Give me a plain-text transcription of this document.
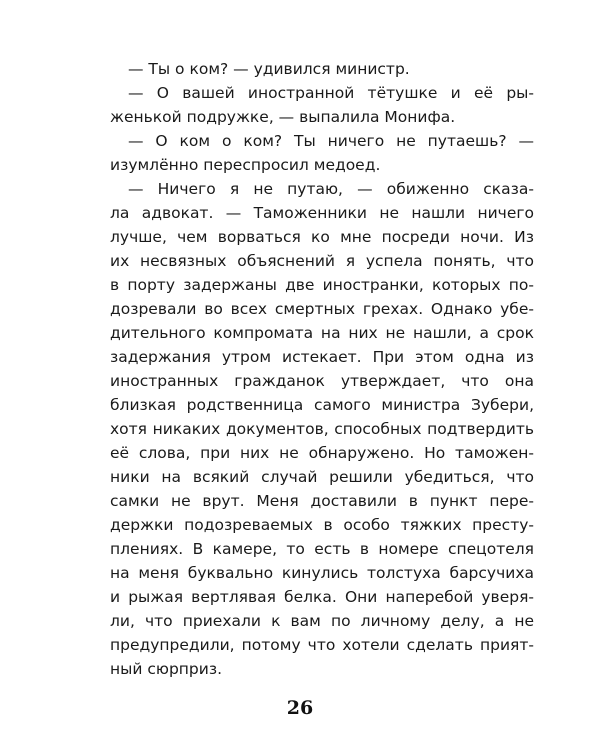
— Ты о ком? — удивился министр.
— О вашей иностранной тётушке и её ры-
женькой подружке, — выпалила Монифа.
— О ком о ком? Ты ничего не путаешь? —
изумлённо переспросил медоед.
— Ничего я не путаю, — обиженно сказа-
ла адвокат. — Таможенники не нашли ничего
лучше, чем ворваться ко мне посреди ночи. Из
их несвязных объяснений я успела понять, что
в порту задержаны две иностранки, которых по-
дозревали во всех смертных грехах. Однако убе-
дительного компромата на них не нашли, а срок
задержания утром истекает. При этом одна из
иностранных гражданок утверждает, что она
близкая родственница самого министра Зубери,
хотя никаких документов, способных подтвердить
её слова, при них не обнаружено. Но таможен-
ники на всякий случай решили убедиться, что
самки не врут. Меня доставили в пункт пере-
держки подозреваемых в особо тяжких престу-
плениях. В камере, то есть в номере спецотеля
на меня буквально кинулись толстуха барсучиха
и рыжая вертлявая белка. Они наперебой уверя-
ли, что приехали к вам по личному делу, а не
предупредили, потому что хотели сделать прият-
ный сюрприз.
26
